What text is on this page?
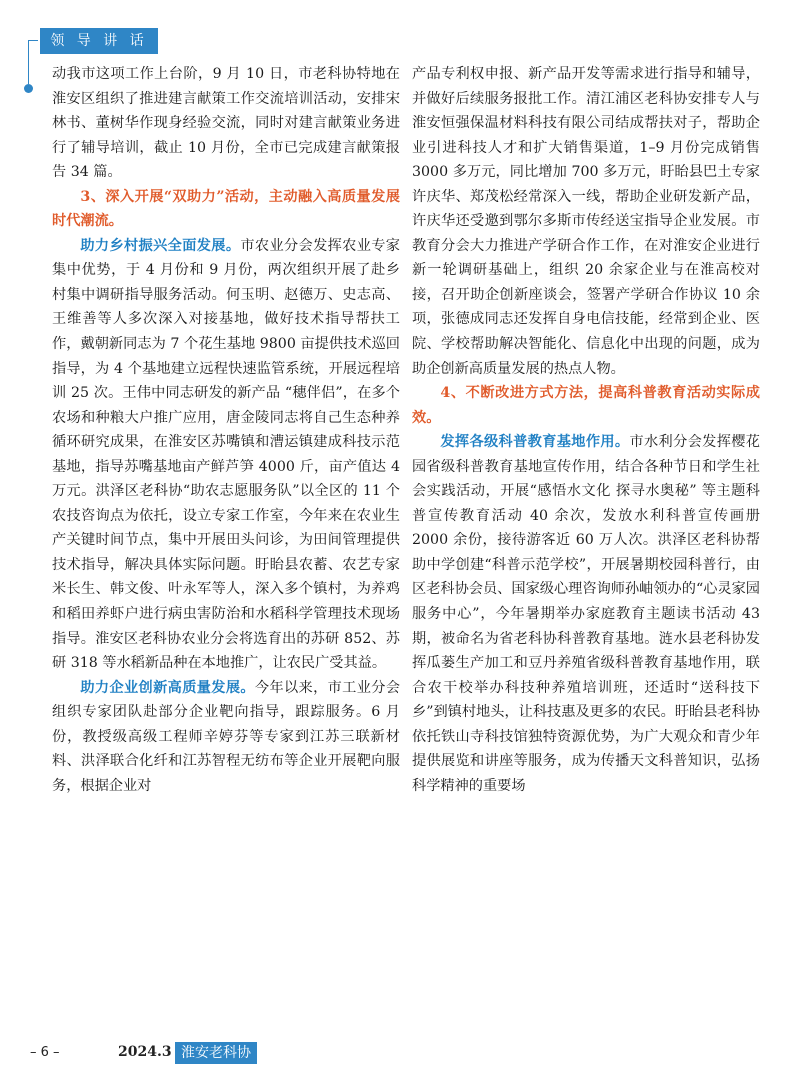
领 导 讲 话

动我市这项工作上台阶，9 月 10 日，市老科协特地在淮安区组织了推进建言献策工作交流培训活动，安排宋林书、董树华作现身经验交流，同时对建言献策业务进行了辅导培训，截止 10 月份，全市已完成建言献策报告 34 篇。

3、深入开展“双助力”活动，主动融入高质量发展时代潮流。

助力乡村振兴全面发展。市农业分会发挥农业专家集中优势，于 4 月份和 9 月份，两次组织开展了赴乡村集中调研指导服务活动。何玉明、赵德万、史志高、王维善等人多次深入对接基地，做好技术指导帮扶工作，戴朝新同志为 7 个花生基地 9800 亩提供技术巡回指导，为 4 个基地建立远程快速监管系统，开展远程培训 25 次。王伟中同志研发的新产品 “穗伴侣”，在多个农场和种粮大户推广应用，唐金陵同志将自己生态种养循环研究成果，在淮安区苏嘴镇和漕运镇建成科技示范基地，指导苏嘴基地亩产鲜芦笋 4000 斤，亩产值达 4 万元。洪泽区老科协“助农志愿服务队”以全区的 11 个农技咨询点为依托，设立专家工作室，今年来在农业生产关键时间节点，集中开展田头问诊，为田间管理提供技术指导，解决具体实际问题。盱眙县农蓄、农艺专家米长生、韩文俊、叶永军等人，深入多个镇村，为养鸡和稻田养虾户进行病虫害防治和水稻科学管理技术现场指导。淮安区老科协农业分会将选育出的苏研 852、苏研 318 等水稻新品种在本地推广，让农民广受其益。

助力企业创新高质量发展。今年以来，市工业分会组织专家团队赴部分企业靶向指导，跟踪服务。6 月份，教授级高级工程师辛婷芬等专家到江苏三联新材料、洪泽联合化纤和江苏智程无纺布等企业开展靶向服务，根据企业对

产品专利权申报、新产品开发等需求进行指导和辅导，并做好后续服务报批工作。清江浦区老科协安排专人与淮安恒强保温材料科技有限公司结成帮扶对子，帮助企业引进科技人才和扩大销售渠道，1–9 月份完成销售 3000 多万元，同比增加 700 多万元，盱眙县巴土专家许庆华、郑茂松经常深入一线，帮助企业研发新产品，许庆华还受邀到鄂尔多斯市传经送宝指导企业发展。市教育分会大力推进产学研合作工作，在对淮安企业进行新一轮调研基础上，组织 20 余家企业与在淮高校对接，召开助企创新座谈会，签署产学研合作协议 10 余项，张德成同志还发挥自身电信技能，经常到企业、医院、学校帮助解决智能化、信息化中出现的问题，成为助企创新高质量发展的热点人物。

4、不断改进方式方法，提高科普教育活动实际成效。

发挥各级科普教育基地作用。市水利分会发挥樱花园省级科普教育基地宣传作用，结合各种节日和学生社会实践活动，开展“感悟水文化 探寻水奥秘” 等主题科普宣传教育活动 40 余次，发放水利科普宣传画册 2000 余份，接待游客近 60 万人次。洪泽区老科协帮助中学创建“科普示范学校”，开展暑期校园科普行，由区老科协会员、国家级心理咨询师孙岫领办的“心灵家园服务中心”，今年暑期举办家庭教育主题读书活动 43 期，被命名为省老科协科普教育基地。涟水县老科协发挥瓜蒌生产加工和豆丹养殖省级科普教育基地作用，联合农干校举办科技种养殖培训班，还适时“送科技下乡”到镇村地头，让科技惠及更多的农民。盱眙县老科协依托铁山寺科技馆独特资源优势，为广大观众和青少年提供展览和讲座等服务，成为传播天文科普知识，弘扬科学精神的重要场

– 6 –	2024.3 淮安老科协
